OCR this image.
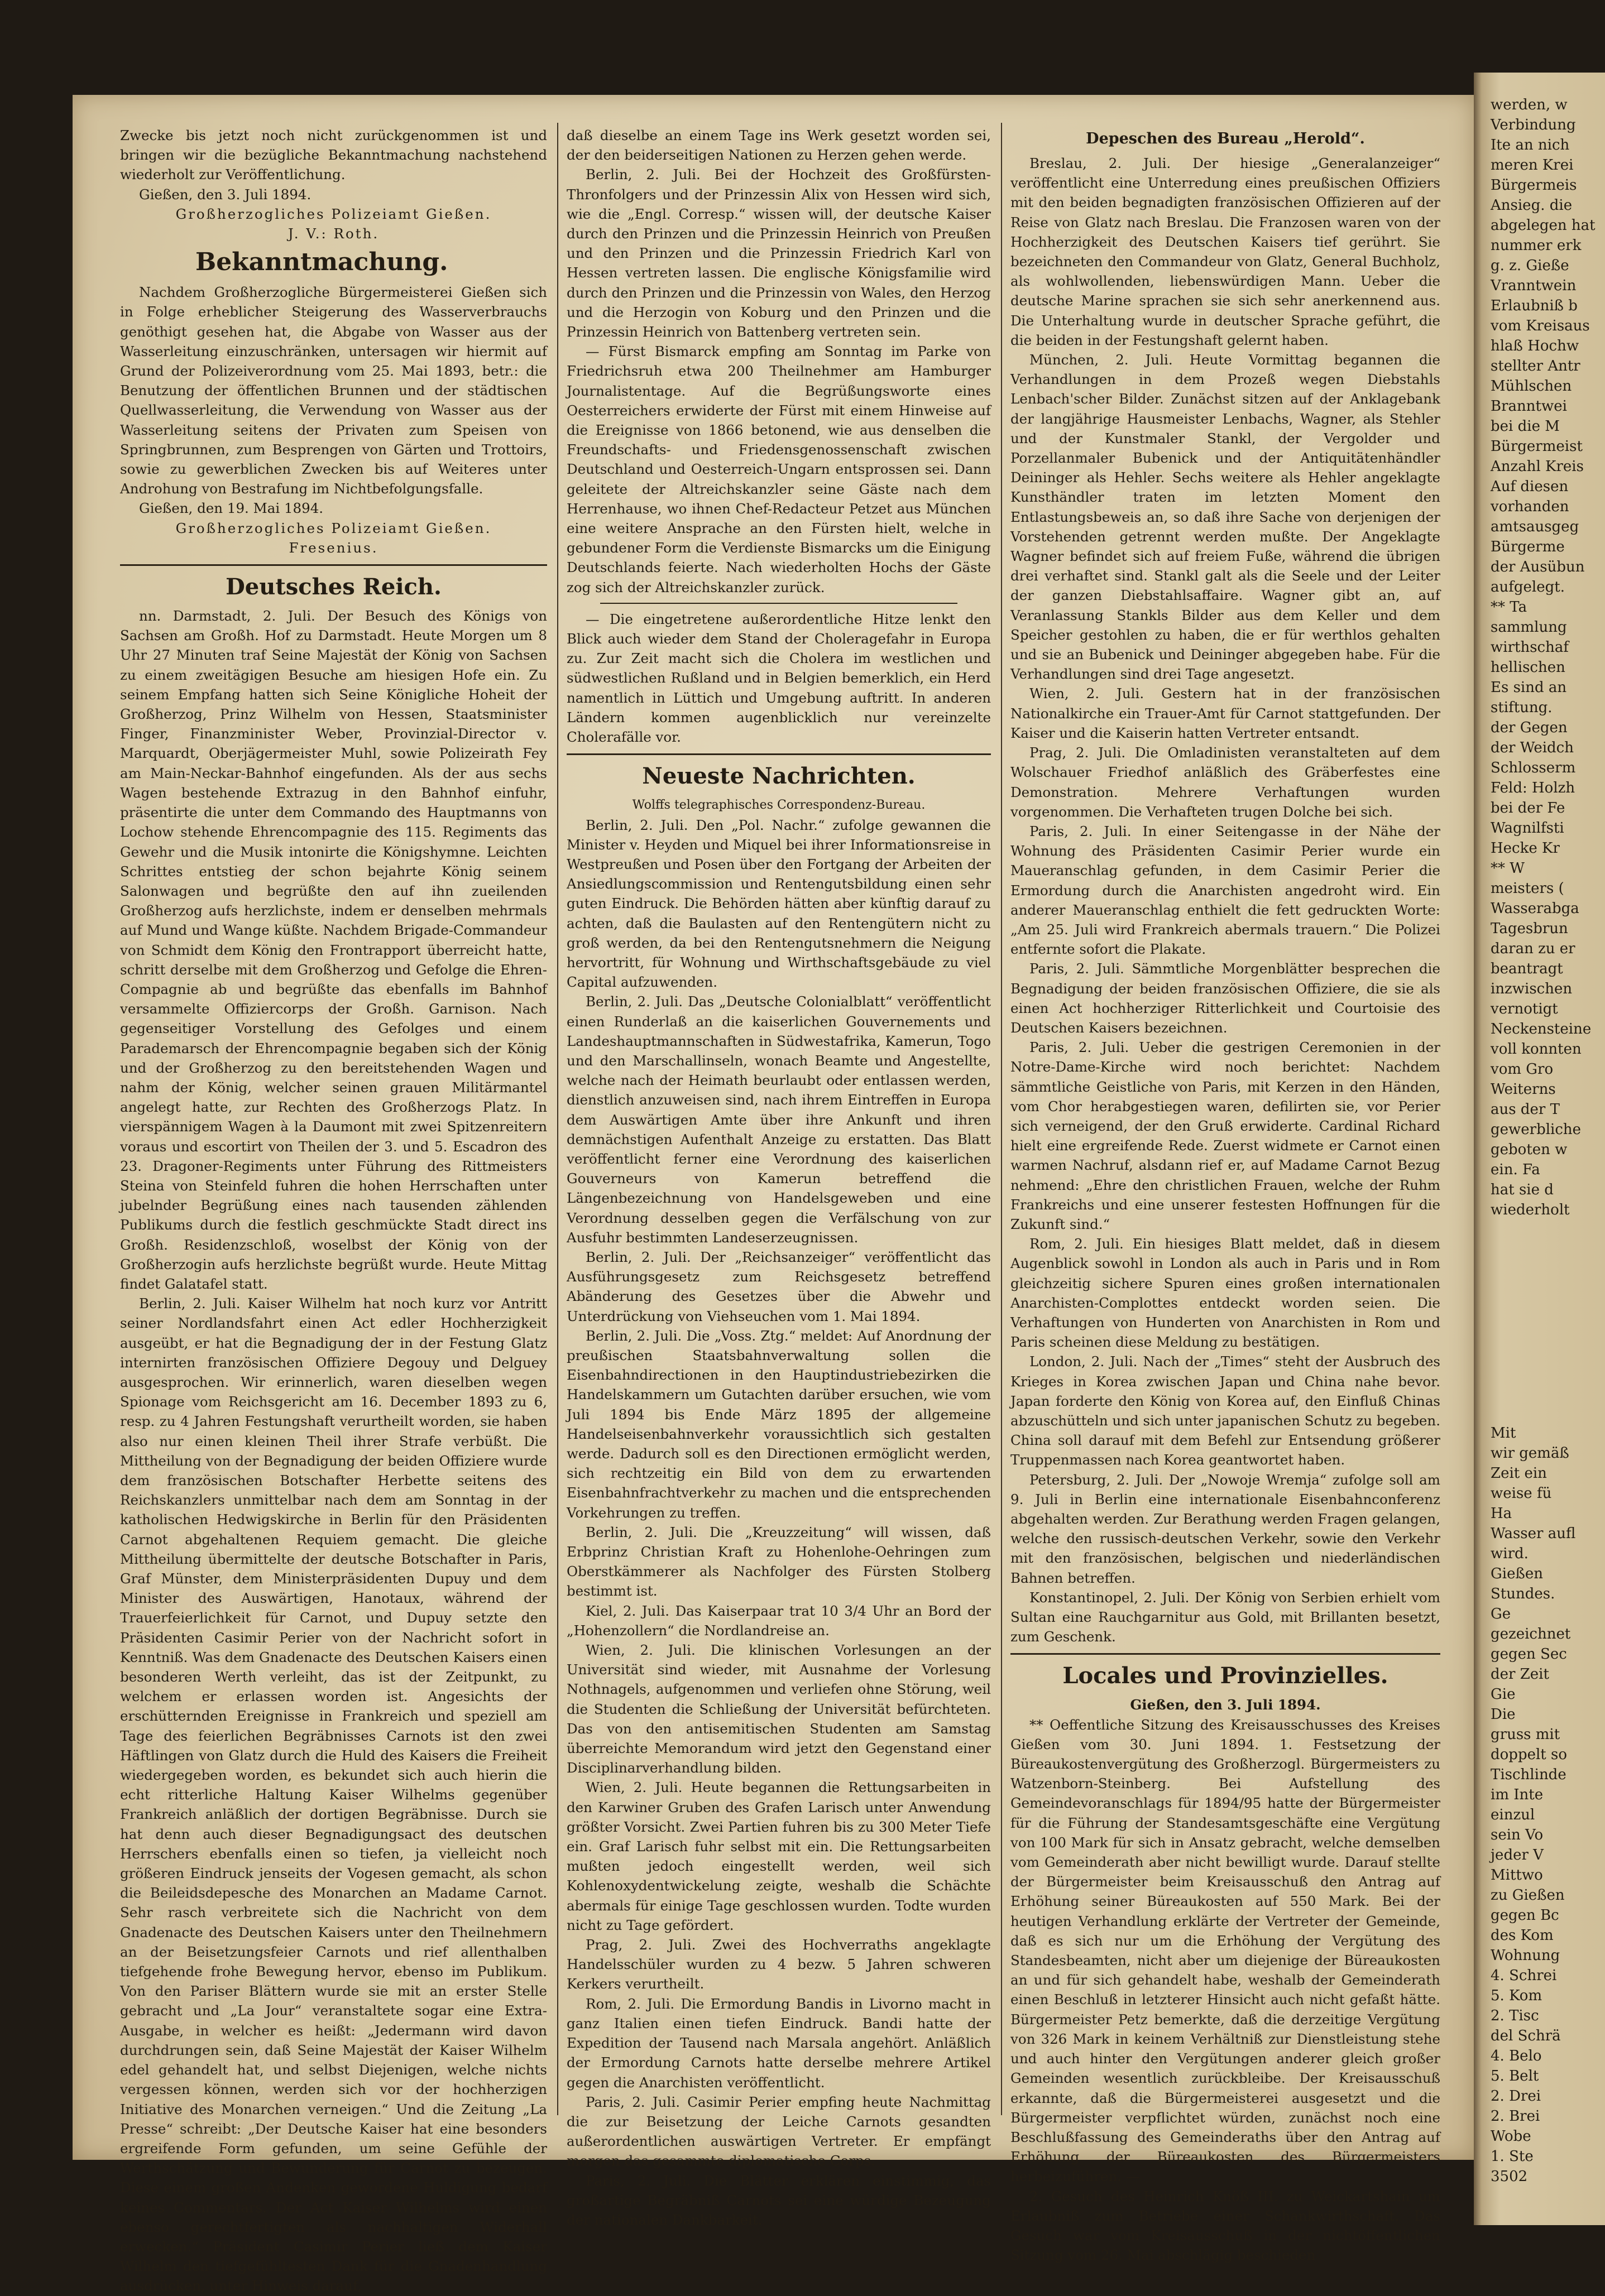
Zwecke bis jetzt noch nicht zurückgenommen ist und bringen wir die bezügliche Bekanntmachung nachstehend wiederholt zur Veröffentlichung.

Gießen, den 3. Juli 1894.

Großherzogliches Polizeiamt Gießen.

J. V.: Roth.

Bekanntmachung.

Nachdem Großherzogliche Bürgermeisterei Gießen sich in Folge erheblicher Steigerung des Wasserverbrauchs genöthigt gesehen hat, die Abgabe von Wasser aus der Wasserleitung einzuschränken, untersagen wir hiermit auf Grund der Polizeiverordnung vom 25. Mai 1893, betr.: die Benutzung der öffentlichen Brunnen und der städtischen Quellwasserleitung, die Verwendung von Wasser aus der Wasserleitung seitens der Privaten zum Speisen von Springbrunnen, zum Besprengen von Gärten und Trottoirs, sowie zu gewerblichen Zwecken bis auf Weiteres unter Androhung von Bestrafung im Nichtbefolgungsfalle.

Gießen, den 19. Mai 1894.

Großherzogliches Polizeiamt Gießen.

Fresenius.

Deutsches Reich.

nn. Darmstadt, 2. Juli. Der Besuch des Königs von Sachsen am Großh. Hof zu Darmstadt. Heute Morgen um 8 Uhr 27 Minuten traf Seine Majestät der König von Sachsen zu einem zweitägigen Besuche am hiesigen Hofe ein. Zu seinem Empfang hatten sich Seine Königliche Hoheit der Großherzog, Prinz Wilhelm von Hessen, Staatsminister Finger, Finanzminister Weber, Provinzial-Director v. Marquardt, Oberjägermeister Muhl, sowie Polizeirath Fey am Main-Neckar-Bahnhof eingefunden. Als der aus sechs Wagen bestehende Extrazug in den Bahnhof einfuhr, präsentirte die unter dem Commando des Hauptmanns von Lochow stehende Ehrencompagnie des 115. Regiments das Gewehr und die Musik intonirte die Königshymne. Leichten Schrittes entstieg der schon bejahrte König seinem Salonwagen und begrüßte den auf ihn zueilenden Großherzog aufs herzlichste, indem er denselben mehrmals auf Mund und Wange küßte. Nachdem Brigade-Commandeur von Schmidt dem König den Frontrapport überreicht hatte, schritt derselbe mit dem Großherzog und Gefolge die Ehren-Compagnie ab und begrüßte das ebenfalls im Bahnhof versammelte Offiziercorps der Großh. Garnison. Nach gegenseitiger Vorstellung des Gefolges und einem Parademarsch der Ehrencompagnie begaben sich der König und der Großherzog zu den bereitstehenden Wagen und nahm der König, welcher seinen grauen Militärmantel angelegt hatte, zur Rechten des Großherzogs Platz. In vierspännigem Wagen à la Daumont mit zwei Spitzenreitern voraus und escortirt von Theilen der 3. und 5. Escadron des 23. Dragoner-Regiments unter Führung des Rittmeisters Steina von Steinfeld fuhren die hohen Herrschaften unter jubelnder Begrüßung eines nach tausenden zählenden Publikums durch die festlich geschmückte Stadt direct ins Großh. Residenzschloß, woselbst der König von der Großherzogin aufs herzlichste begrüßt wurde. Heute Mittag findet Galatafel statt.

Berlin, 2. Juli. Kaiser Wilhelm hat noch kurz vor Antritt seiner Nordlandsfahrt einen Act edler Hochherzigkeit ausgeübt, er hat die Begnadigung der in der Festung Glatz internirten französischen Offiziere Degouy und Delguey ausgesprochen. Wir erinnerlich, waren dieselben wegen Spionage vom Reichsgericht am 16. December 1893 zu 6, resp. zu 4 Jahren Festungshaft verurtheilt worden, sie haben also nur einen kleinen Theil ihrer Strafe verbüßt. Die Mittheilung von der Begnadigung der beiden Offiziere wurde dem französischen Botschafter Herbette seitens des Reichskanzlers unmittelbar nach dem am Sonntag in der katholischen Hedwigskirche in Berlin für den Präsidenten Carnot abgehaltenen Requiem gemacht. Die gleiche Mittheilung übermittelte der deutsche Botschafter in Paris, Graf Münster, dem Ministerpräsidenten Dupuy und dem Minister des Auswärtigen, Hanotaux, während der Trauerfeierlichkeit für Carnot, und Dupuy setzte den Präsidenten Casimir Perier von der Nachricht sofort in Kenntniß. Was dem Gnadenacte des Deutschen Kaisers einen besonderen Werth verleiht, das ist der Zeitpunkt, zu welchem er erlassen worden ist. Angesichts der erschütternden Ereignisse in Frankreich und speziell am Tage des feierlichen Begräbnisses Carnots ist den zwei Häftlingen von Glatz durch die Huld des Kaisers die Freiheit wiedergegeben worden, es bekundet sich auch hierin die echt ritterliche Haltung Kaiser Wilhelms gegenüber Frankreich anläßlich der dortigen Begräbnisse. Durch sie hat denn auch dieser Begnadigungsact des deutschen Herrschers ebenfalls einen so tiefen, ja vielleicht noch größeren Eindruck jenseits der Vogesen gemacht, als schon die Beileidsdepesche des Monarchen an Madame Carnot. Sehr rasch verbreitete sich die Nachricht von dem Gnadenacte des Deutschen Kaisers unter den Theilnehmern an der Beisetzungsfeier Carnots und rief allenthalben tiefgehende frohe Bewegung hervor, ebenso im Publikum. Von den Pariser Blättern wurde sie mit an erster Stelle gebracht und „La Jour“ veranstaltete sogar eine Extra-Ausgabe, in welcher es heißt: „Jedermann wird davon durchdrungen sein, daß Seine Majestät der Kaiser Wilhelm edel gehandelt hat, und selbst Diejenigen, welche nichts vergessen können, werden sich vor der hochherzigen Initiative des Monarchen verneigen.“ Und die Zeitung „La Presse“ schreibt: „Der Deutsche Kaiser hat eine besonders ergreifende Form gefunden, um seine Gefühle der Werthschätzung und Bewunderung für Carnot zu bezeugen. Diese einem großen Andenken gewordene Huldigung bedarf keines Commentars. Der Act Kaiser Wilhelms wird einen ebenso gerechtfertigten als nachhaltigen Widerhall erwecken.“ Präsident Casimir Perier ließ dem Kaiser Wilhelm den tiefgefühltesten Dank für die Gnadenhandlung ausdrücken, unter Hinweis darauf,

daß dieselbe an einem Tage ins Werk gesetzt worden sei, der den beiderseitigen Nationen zu Herzen gehen werde.

Berlin, 2. Juli. Bei der Hochzeit des Großfürsten-Thronfolgers und der Prinzessin Alix von Hessen wird sich, wie die „Engl. Corresp.“ wissen will, der deutsche Kaiser durch den Prinzen und die Prinzessin Heinrich von Preußen und den Prinzen und die Prinzessin Friedrich Karl von Hessen vertreten lassen. Die englische Königsfamilie wird durch den Prinzen und die Prinzessin von Wales, den Herzog und die Herzogin von Koburg und den Prinzen und die Prinzessin Heinrich von Battenberg vertreten sein.

— Fürst Bismarck empfing am Sonntag im Parke von Friedrichsruh etwa 200 Theilnehmer am Hamburger Journalistentage. Auf die Begrüßungsworte eines Oesterreichers erwiderte der Fürst mit einem Hinweise auf die Ereignisse von 1866 betonend, wie aus denselben die Freundschafts- und Friedensgenossenschaft zwischen Deutschland und Oesterreich-Ungarn entsprossen sei. Dann geleitete der Altreichskanzler seine Gäste nach dem Herrenhause, wo ihnen Chef-Redacteur Petzet aus München eine weitere Ansprache an den Fürsten hielt, welche in gebundener Form die Verdienste Bismarcks um die Einigung Deutschlands feierte. Nach wiederholten Hochs der Gäste zog sich der Altreichskanzler zurück.

— Die eingetretene außerordentliche Hitze lenkt den Blick auch wieder dem Stand der Choleragefahr in Europa zu. Zur Zeit macht sich die Cholera im westlichen und südwestlichen Rußland und in Belgien bemerklich, ein Herd namentlich in Lüttich und Umgebung auftritt. In anderen Ländern kommen augenblicklich nur vereinzelte Cholerafälle vor.

Neueste Nachrichten.

Wolffs telegraphisches Correspondenz-Bureau.

Berlin, 2. Juli. Den „Pol. Nachr.“ zufolge gewannen die Minister v. Heyden und Miquel bei ihrer Informationsreise in Westpreußen und Posen über den Fortgang der Arbeiten der Ansiedlungscommission und Rentengutsbildung einen sehr guten Eindruck. Die Behörden hätten aber künftig darauf zu achten, daß die Baulasten auf den Rentengütern nicht zu groß werden, da bei den Rentengutsnehmern die Neigung hervortritt, für Wohnung und Wirthschaftsgebäude zu viel Capital aufzuwenden.

Berlin, 2. Juli. Das „Deutsche Colonialblatt“ veröffentlicht einen Runderlaß an die kaiserlichen Gouvernements und Landeshauptmannschaften in Südwestafrika, Kamerun, Togo und den Marschallinseln, wonach Beamte und Angestellte, welche nach der Heimath beurlaubt oder entlassen werden, dienstlich anzuweisen sind, nach ihrem Eintreffen in Europa dem Auswärtigen Amte über ihre Ankunft und ihren demnächstigen Aufenthalt Anzeige zu erstatten. Das Blatt veröffentlicht ferner eine Verordnung des kaiserlichen Gouverneurs von Kamerun betreffend die Längenbezeichnung von Handelsgeweben und eine Verordnung desselben gegen die Verfälschung von zur Ausfuhr bestimmten Landeserzeugnissen.

Berlin, 2. Juli. Der „Reichsanzeiger“ veröffentlicht das Ausführungsgesetz zum Reichsgesetz betreffend Abänderung des Gesetzes über die Abwehr und Unterdrückung von Viehseuchen vom 1. Mai 1894.

Berlin, 2. Juli. Die „Voss. Ztg.“ meldet: Auf Anordnung der preußischen Staatsbahnverwaltung sollen die Eisenbahndirectionen in den Hauptindustriebezirken die Handelskammern um Gutachten darüber ersuchen, wie vom Juli 1894 bis Ende März 1895 der allgemeine Handelseisenbahnverkehr voraussichtlich sich gestalten werde. Dadurch soll es den Directionen ermöglicht werden, sich rechtzeitig ein Bild von dem zu erwartenden Eisenbahnfrachtverkehr zu machen und die entsprechenden Vorkehrungen zu treffen.

Berlin, 2. Juli. Die „Kreuzzeitung“ will wissen, daß Erbprinz Christian Kraft zu Hohenlohe-Oehringen zum Oberstkämmerer als Nachfolger des Fürsten Stolberg bestimmt ist.

Kiel, 2. Juli. Das Kaiserpaar trat 10 3/4 Uhr an Bord der „Hohenzollern“ die Nordlandreise an.

Wien, 2. Juli. Die klinischen Vorlesungen an der Universität sind wieder, mit Ausnahme der Vorlesung Nothnagels, aufgenommen und verliefen ohne Störung, weil die Studenten die Schließung der Universität befürchteten. Das von den antisemitischen Studenten am Samstag überreichte Memorandum wird jetzt den Gegenstand einer Disciplinarverhandlung bilden.

Wien, 2. Juli. Heute begannen die Rettungsarbeiten in den Karwiner Gruben des Grafen Larisch unter Anwendung größter Vorsicht. Zwei Partien fuhren bis zu 300 Meter Tiefe ein. Graf Larisch fuhr selbst mit ein. Die Rettungsarbeiten mußten jedoch eingestellt werden, weil sich Kohlenoxydentwickelung zeigte, weshalb die Schächte abermals für einige Tage geschlossen wurden. Todte wurden nicht zu Tage gefördert.

Prag, 2. Juli. Zwei des Hochverraths angeklagte Handelsschüler wurden zu 4 bezw. 5 Jahren schweren Kerkers verurtheilt.

Rom, 2. Juli. Die Ermordung Bandis in Livorno macht in ganz Italien einen tiefen Eindruck. Bandi hatte der Expedition der Tausend nach Marsala angehört. Anläßlich der Ermordung Carnots hatte derselbe mehrere Artikel gegen die Anarchisten veröffentlicht.

Paris, 2. Juli. Casimir Perier empfing heute Nachmittag die zur Beisetzung der Leiche Carnots gesandten außerordentlichen auswärtigen Vertreter. Er empfängt morgen das gesammte diplomatische Corps.

Paris, 2. Juli. Die Blätter erklären einstimmig, das großartige Begräbniß Carnots sei eine würdige Bezeugung der nationalen Dankbarkeit.

Depeschen des Bureau „Herold“.

Breslau, 2. Juli. Der hiesige „Generalanzeiger“ veröffentlicht eine Unterredung eines preußischen Offiziers mit den beiden begnadigten französischen Offizieren auf der Reise von Glatz nach Breslau. Die Franzosen waren von der Hochherzigkeit des Deutschen Kaisers tief gerührt. Sie bezeichneten den Commandeur von Glatz, General Buchholz, als wohlwollenden, liebenswürdigen Mann. Ueber die deutsche Marine sprachen sie sich sehr anerkennend aus. Die Unterhaltung wurde in deutscher Sprache geführt, die die beiden in der Festungshaft gelernt haben.

München, 2. Juli. Heute Vormittag begannen die Verhandlungen in dem Prozeß wegen Diebstahls Lenbach'scher Bilder. Zunächst sitzen auf der Anklagebank der langjährige Hausmeister Lenbachs, Wagner, als Stehler und der Kunstmaler Stankl, der Vergolder und Porzellanmaler Bubenick und der Antiquitätenhändler Deininger als Hehler. Sechs weitere als Hehler angeklagte Kunsthändler traten im letzten Moment den Entlastungsbeweis an, so daß ihre Sache von derjenigen der Vorstehenden getrennt werden mußte. Der Angeklagte Wagner befindet sich auf freiem Fuße, während die übrigen drei verhaftet sind. Stankl galt als die Seele und der Leiter der ganzen Diebstahlsaffaire. Wagner gibt an, auf Veranlassung Stankls Bilder aus dem Keller und dem Speicher gestohlen zu haben, die er für werthlos gehalten und sie an Bubenick und Deininger abgegeben habe. Für die Verhandlungen sind drei Tage angesetzt.

Wien, 2. Juli. Gestern hat in der französischen Nationalkirche ein Trauer-Amt für Carnot stattgefunden. Der Kaiser und die Kaiserin hatten Vertreter entsandt.

Prag, 2. Juli. Die Omladinisten veranstalteten auf dem Wolschauer Friedhof anläßlich des Gräberfestes eine Demonstration. Mehrere Verhaftungen wurden vorgenommen. Die Verhafteten trugen Dolche bei sich.

Paris, 2. Juli. In einer Seitengasse in der Nähe der Wohnung des Präsidenten Casimir Perier wurde ein Maueranschlag gefunden, in dem Casimir Perier die Ermordung durch die Anarchisten angedroht wird. Ein anderer Maueranschlag enthielt die fett gedruckten Worte: „Am 25. Juli wird Frankreich abermals trauern.“ Die Polizei entfernte sofort die Plakate.

Paris, 2. Juli. Sämmtliche Morgenblätter besprechen die Begnadigung der beiden französischen Offiziere, die sie als einen Act hochherziger Ritterlichkeit und Courtoisie des Deutschen Kaisers bezeichnen.

Paris, 2. Juli. Ueber die gestrigen Ceremonien in der Notre-Dame-Kirche wird noch berichtet: Nachdem sämmtliche Geistliche von Paris, mit Kerzen in den Händen, vom Chor herabgestiegen waren, defilirten sie, vor Perier sich verneigend, der den Gruß erwiderte. Cardinal Richard hielt eine ergreifende Rede. Zuerst widmete er Carnot einen warmen Nachruf, alsdann rief er, auf Madame Carnot Bezug nehmend: „Ehre den christlichen Frauen, welche der Ruhm Frankreichs und eine unserer festesten Hoffnungen für die Zukunft sind.“

Rom, 2. Juli. Ein hiesiges Blatt meldet, daß in diesem Augenblick sowohl in London als auch in Paris und in Rom gleichzeitig sichere Spuren eines großen internationalen Anarchisten-Complottes entdeckt worden seien. Die Verhaftungen von Hunderten von Anarchisten in Rom und Paris scheinen diese Meldung zu bestätigen.

London, 2. Juli. Nach der „Times“ steht der Ausbruch des Krieges in Korea zwischen Japan und China nahe bevor. Japan forderte den König von Korea auf, den Einfluß Chinas abzuschütteln und sich unter japanischen Schutz zu begeben. China soll darauf mit dem Befehl zur Entsendung größerer Truppenmassen nach Korea geantwortet haben.

Petersburg, 2. Juli. Der „Nowoje Wremja“ zufolge soll am 9. Juli in Berlin eine internationale Eisenbahnconferenz abgehalten werden. Zur Berathung werden Fragen gelangen, welche den russisch-deutschen Verkehr, sowie den Verkehr mit den französischen, belgischen und niederländischen Bahnen betreffen.

Konstantinopel, 2. Juli. Der König von Serbien erhielt vom Sultan eine Rauchgarnitur aus Gold, mit Brillanten besetzt, zum Geschenk.

Locales und Provinzielles.

Gießen, den 3. Juli 1894.

** Oeffentliche Sitzung des Kreisausschusses des Kreises Gießen vom 30. Juni 1894. 1. Festsetzung der Büreaukostenvergütung des Großherzogl. Bürgermeisters zu Watzenborn-Steinberg. Bei Aufstellung des Gemeindevoranschlags für 1894/95 hatte der Bürgermeister für die Führung der Standesamtsgeschäfte eine Vergütung von 100 Mark für sich in Ansatz gebracht, welche demselben vom Gemeinderath aber nicht bewilligt wurde. Darauf stellte der Bürgermeister beim Kreisausschuß den Antrag auf Erhöhung seiner Büreaukosten auf 550 Mark. Bei der heutigen Verhandlung erklärte der Vertreter der Gemeinde, daß es sich nur um die Erhöhung der Vergütung des Standesbeamten, nicht aber um diejenige der Büreaukosten an und für sich gehandelt habe, weshalb der Gemeinderath einen Beschluß in letzterer Hinsicht auch nicht gefaßt hätte. Bürgermeister Petz bemerkte, daß die derzeitige Vergütung von 326 Mark in keinem Verhältniß zur Dienstleistung stehe und auch hinter den Vergütungen anderer gleich großer Gemeinden wesentlich zurückbleibe. Der Kreisausschuß erkannte, daß die Bürgermeisterei ausgesetzt und die Bürgermeister verpflichtet würden, zunächst noch eine Beschlußfassung des Gemeinderaths über den Antrag auf Erhöhung der Büreaukosten des Bürgermeisters herbeizuführen. —

2. Gesuch des Heinrich Knöß III. zu Weickartshain um Erlaubniß zum Betriebe einer Schankwirthschaft. Das Gesuch war vom Kreisausschuß in der nichtöffentlichen Sitzung vom 26. Mai abschlägig beschieden

werden, w
Verbindung
Ite an nich
meren Krei
Bürgermeis
Ansieg. die
abgelegen hat
nummer erk
g. z. Gieße
Vranntwein
Erlaubniß b
vom Kreisaus
hlaß Hochw
stellter Antr
Mühlschen
Branntwei
bei die M
Bürgermeist
Anzahl Kreis
Auf diesen
vorhanden
amtsausgeg
Bürgerme
der Ausübun
aufgelegt.
** Ta
sammlung
wirthschaf
hellischen
Es sind an
stiftung.
der Gegen
der Weidch
Schlosserm
Feld: Holzh
bei der Fe
Wagnilfsti
Hecke Kr
** W
meisters (
Wasserabga
Tagesbrun
daran zu er
beantragt
inzwischen
vernotigt
Neckensteine
voll konnten
vom Gro
Weiterns
aus der T
gewerbliche
geboten w
ein. Fa
hat sie d
wiederholt
Mit
wir gemäß
Zeit ein
weise fü
Ha
Wasser aufl
wird.
Gießen
Stundes.
Ge
gezeichnet
gegen Sec
der Zeit
Gie
Die
gruss mit
doppelt so
Tischlinde
im Inte
einzul
sein Vo
jeder V
Mittwo
zu Gießen
gegen Bc
des Kom
Wohnung
4. Schrei
5. Kom
2. Tisc
del Schrä
4. Belo
5. Belt
2. Drei
2. Brei
Wobe
1. Ste
3502
